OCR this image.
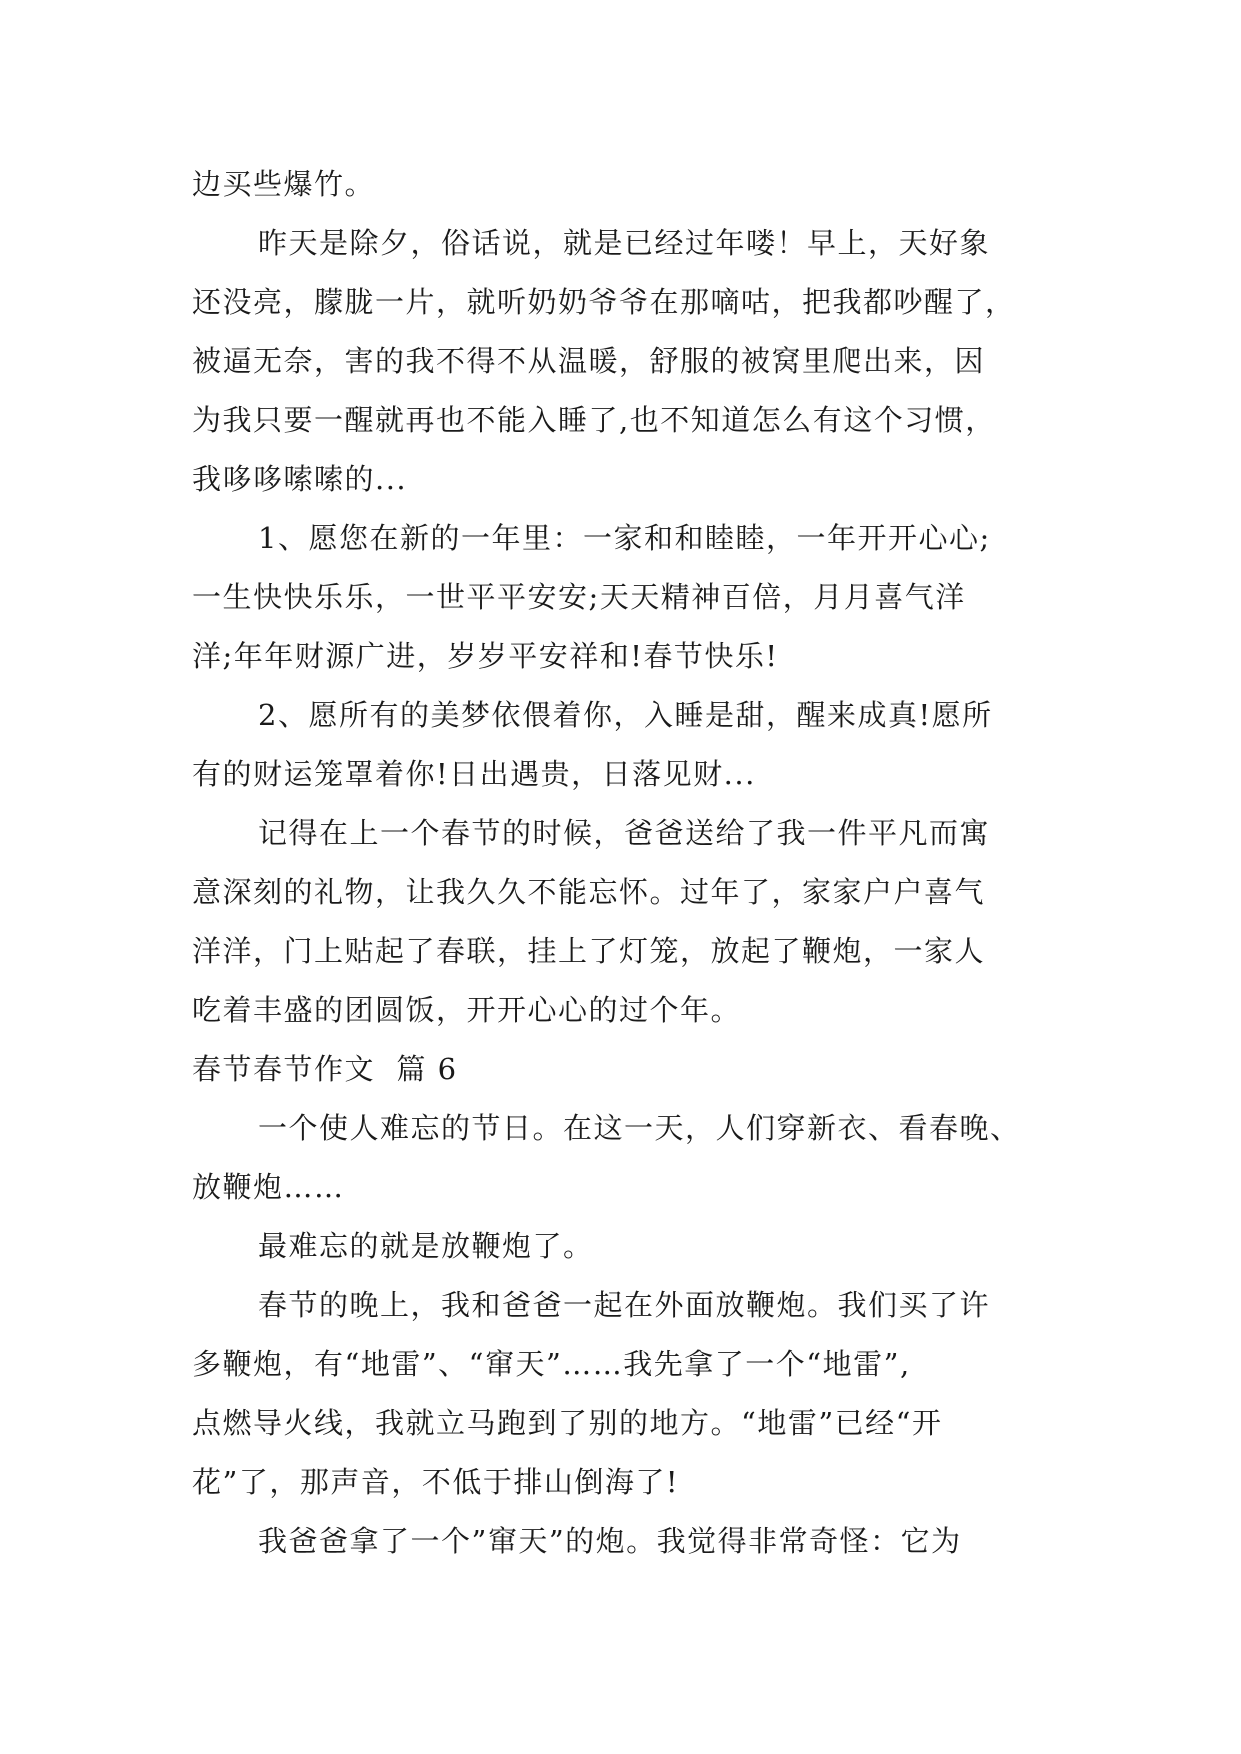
边买些爆竹。

昨天是除夕，俗话说，就是已经过年喽！早上，天好象
还没亮，朦胧一片，就听奶奶爷爷在那嘀咕，把我都吵醒了，
被逼无奈，害的我不得不从温暖，舒服的被窝里爬出来，因
为我只要一醒就再也不能入睡了,也不知道怎么有这个习惯，
我哆哆嗦嗦的...

1、愿您在新的一年里：一家和和睦睦，一年开开心心;
一生快快乐乐，一世平平安安;天天精神百倍，月月喜气洋
洋;年年财源广进，岁岁平安祥和!春节快乐!

2、愿所有的美梦依偎着你，入睡是甜，醒来成真!愿所
有的财运笼罩着你!日出遇贵，日落见财...

记得在上一个春节的时候，爸爸送给了我一件平凡而寓
意深刻的礼物，让我久久不能忘怀。过年了，家家户户喜气
洋洋，门上贴起了春联，挂上了灯笼，放起了鞭炮，一家人
吃着丰盛的团圆饭，开开心心的过个年。

春节春节作文  篇 6

一个使人难忘的节日。在这一天，人们穿新衣、看春晚、
放鞭炮……

最难忘的就是放鞭炮了。

春节的晚上，我和爸爸一起在外面放鞭炮。我们买了许
多鞭炮，有“地雷”、“窜天”……我先拿了一个“地雷”,
点燃导火线，我就立马跑到了别的地方。“地雷”已经“开
花”了，那声音，不低于排山倒海了!

我爸爸拿了一个”窜天”的炮。我觉得非常奇怪：它为
